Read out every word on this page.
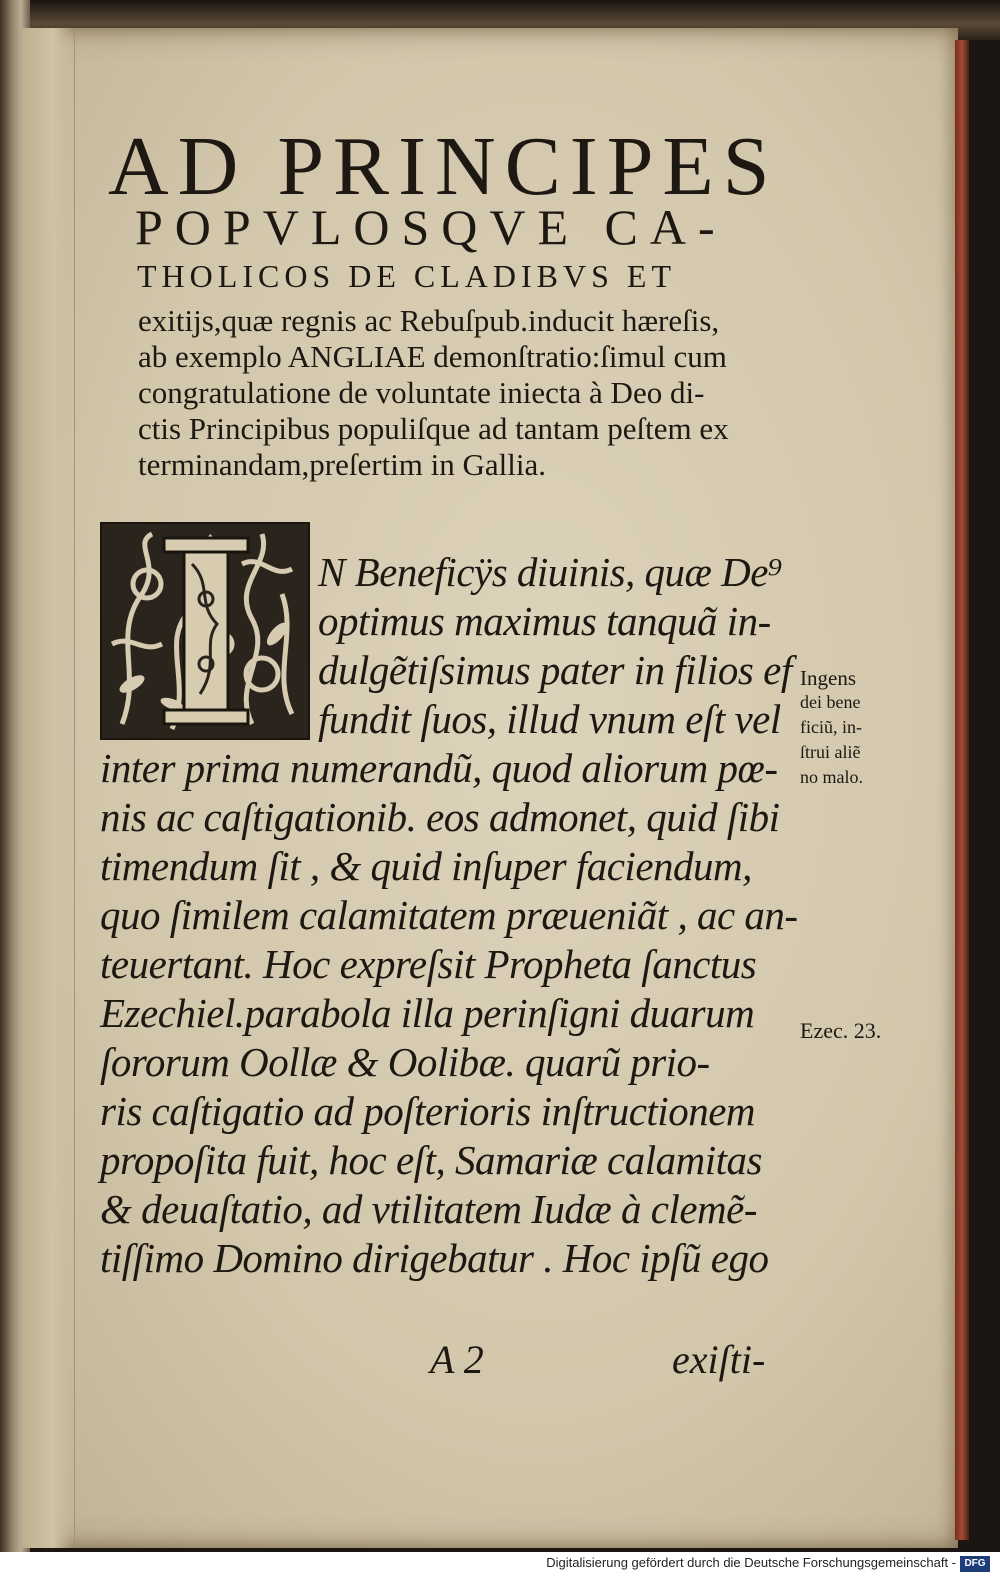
AD PRINCIPES
POPVLOSQVE CA-
THOLICOS DE CLADIBVS ET
exitijs,quæ regnis ac Rebuſpub.inducit hæreſis,
ab exemplo ANGLIAE demonſtratio:ſimul cum
congratulatione de voluntate iniecta à Deo di-
ctis Principibus populiſque ad tantam peſtem ex
terminandam,preſertim in Gallia.
N Beneficÿs diuinis, quæ De⁹
optimus maximus tanquã in-
dulgẽtiſsimus pater in filios ef
fundit ſuos, illud vnum eſt vel
inter prima numerandũ, quod aliorum pœ-
nis ac caſtigationib. eos admonet, quid ſibi
timendum ſit , & quid inſuper faciendum,
quo ſimilem calamitatem præueniãt , ac an-
teuertant. Hoc expreſsit Propheta ſanctus
Ezechiel.parabola illa perinſigni duarum
ſororum Oollæ & Oolibæ. quarũ prio-
ris caſtigatio ad poſterioris inſtructionem
propoſita fuit, hoc eſt, Samariæ calamitas
& deuaſtatio, ad vtilitatem Iudæ à clemẽ-
tiſſimo Domino dirigebatur . Hoc ipſũ ego
Ingens
dei bene
ficiũ, in-
ſtrui aliẽ
no malo.
Ezec. 23.
A 2	exiſti-
Digitalisierung gefördert durch die Deutsche Forschungsgemeinschaft - DFG
